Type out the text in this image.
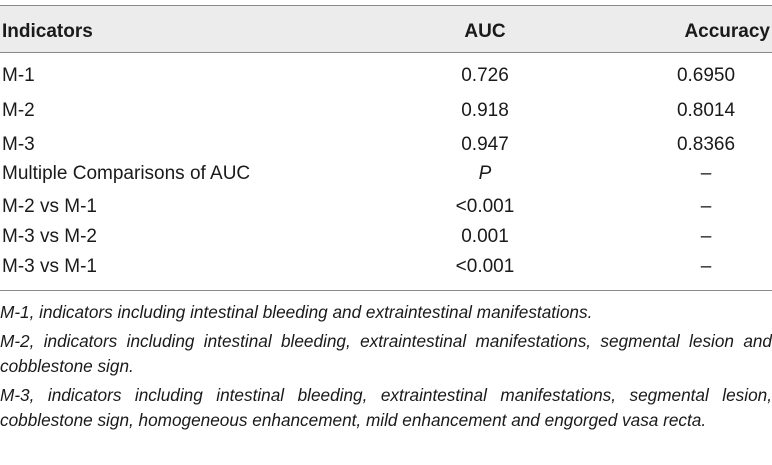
Indicators	AUC	Accuracy
M-1	0.726	0.6950
M-2	0.918	0.8014
M-3	0.947	0.8366
Multiple Comparisons of AUC	P	–
M-2 vs M-1	<0.001	–
M-3 vs M-2	0.001	–
M-3 vs M-1	<0.001	–
M-1, indicators including intestinal bleeding and extraintestinal manifestations.
M-2, indicators including intestinal bleeding, extraintestinal manifestations, segmental lesion and cobblestone sign.
M-3, indicators including intestinal bleeding, extraintestinal manifestations, segmental lesion, cobblestone sign, homogeneous enhancement, mild enhancement and engorged vasa recta.
